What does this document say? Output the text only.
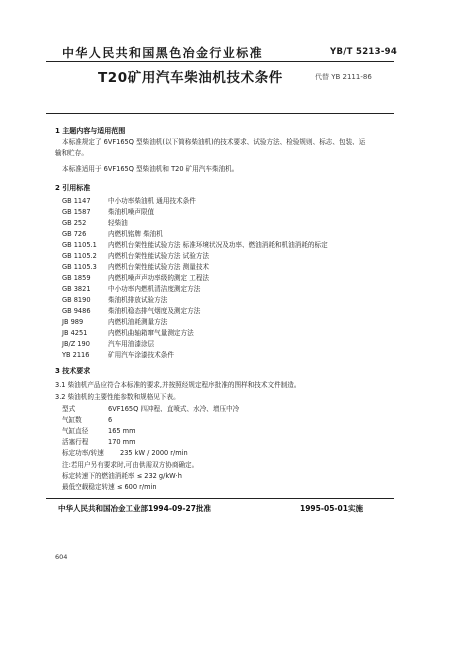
中华人民共和国黑色冶金行业标准	YB/T 5213-94
T20矿用汽车柴油机技术条件	代替 YB 2111-86
1 主题内容与适用范围
本标准规定了 6VF165Q 型柴油机(以下简称柴油机)的技术要求、试验方法、检验规则、标志、包装、运
输和贮存。
本标准适用于 6VF165Q 型柴油机和 T20 矿用汽车柴油机。
2 引用标准
GB 1147	中小功率柴油机 通用技术条件
GB 1587	柴油机噪声限值
GB 252	轻柴油
GB 726	内燃机铭牌 柴油机
GB 1105.1 内燃机台架性能试验方法 标准环境状况及功率、燃油消耗和机油消耗的标定
GB 1105.2 内燃机台架性能试验方法 试验方法
GB 1105.3 内燃机台架性能试验方法 测量技术
GB 1859	内燃机噪声声功率级的测定 工程法
GB 3821	中小功率内燃机清洁度测定方法
GB 8190	柴油机排放试验方法
GB 9486	柴油机稳态排气烟度及测定方法
JB 989	内燃机油耗测量方法
JB 4251	内燃机曲轴箱窜气量测定方法
JB/Z 190	汽车用油漆涂层
YB 2116	矿用汽车涂漆技术条件
3 技术要求
3.1 柴油机产品应符合本标准的要求,并按照经规定程序批准的图样和技术文件制造。
3.2 柴油机的主要性能参数和规格见下表。
型式	6VF165Q 四冲程、直喷式、水冷、增压中冷
气缸数	6
气缸直径	165 mm
活塞行程	170 mm
标定功率/转速 235 kW / 2000 r/min
注:若用户另有要求时,可由供需双方协商确定。
标定转速下的燃油消耗率 ≤ 232 g/kW·h
最低空载稳定转速 ≤ 600 r/min
中华人民共和国冶金工业部1994-09-27批准	1995-05-01实施
604
